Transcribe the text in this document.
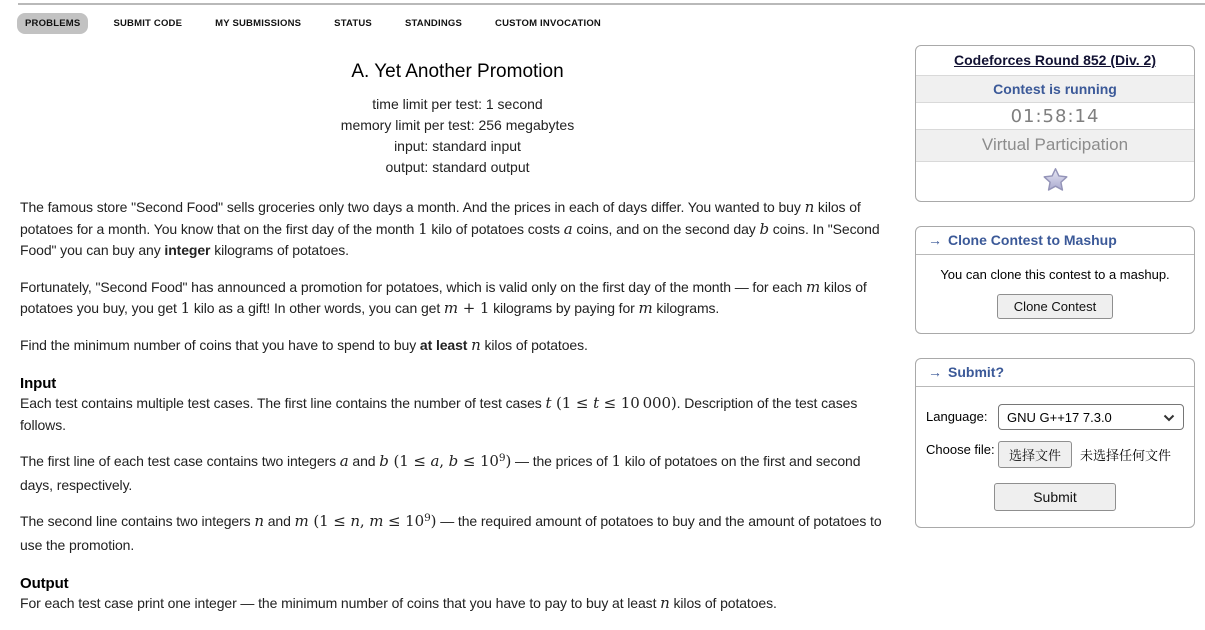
PROBLEMS	SUBMIT CODE	MY SUBMISSIONS	STATUS	STANDINGS	CUSTOM INVOCATION
A. Yet Another Promotion
time limit per test: 1 second
memory limit per test: 256 megabytes
input: standard input
output: standard output

The famous store "Second Food" sells groceries only two days a month. And the prices in each of days differ. You wanted to buy n kilos of potatoes for a month. You know that on the first day of the month 1 kilo of potatoes costs a coins, and on the second day b coins. In "Second Food" you can buy any integer kilograms of potatoes.

Fortunately, "Second Food" has announced a promotion for potatoes, which is valid only on the first day of the month — for each m kilos of potatoes you buy, you get 1 kilo as a gift! In other words, you can get m + 1 kilograms by paying for m kilograms.

Find the minimum number of coins that you have to spend to buy at least n kilos of potatoes.

Input

Each test contains multiple test cases. The first line contains the number of test cases t (1 ≤ t ≤ 10 000). Description of the test cases follows.

The first line of each test case contains two integers a and b (1 ≤ a, $b \le 10^9$) — the prices of 1 kilo of potatoes on the first and second days, respectively.

The second line contains two integers n and m (1 ≤ n, $m \le 10^9$) — the required amount of potatoes to buy and the amount of potatoes to use the promotion.

Output

For each test case print one integer — the minimum number of coins that you have to pay to buy at least n kilos of potatoes.

Codeforces Round 852 (Div. 2)
Contest is running
01:58:14
Virtual Participation
→ Clone Contest to Mashup
You can clone this contest to a mashup.
Clone Contest
→ Submit?
Language:	GNU G++17 7.3.0
Choose file:	选择文件	未选择任何文件
Submit
